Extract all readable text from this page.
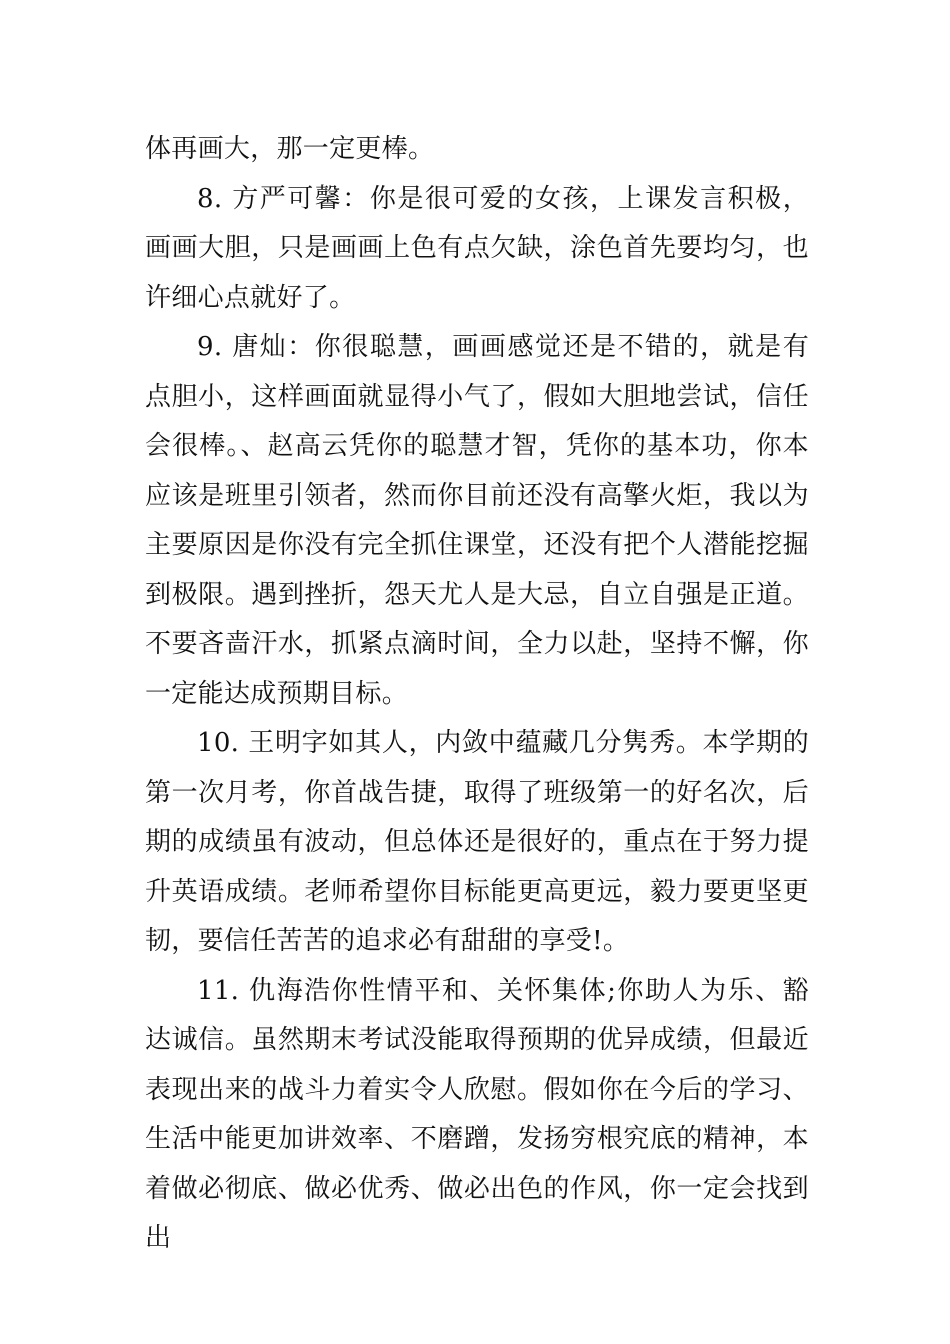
体再画大，那一定更棒。

8. 方严可馨：你是很可爱的女孩，上课发言积极，画画大胆，只是画画上色有点欠缺，涂色首先要均匀，也许细心点就好了。

9. 唐灿：你很聪慧，画画感觉还是不错的，就是有点胆小，这样画面就显得小气了，假如大胆地尝试，信任会很棒。、赵高云凭你的聪慧才智，凭你的基本功，你本应该是班里引领者，然而你目前还没有高擎火炬，我以为主要原因是你没有完全抓住课堂，还没有把个人潜能挖掘到极限。遇到挫折，怨天尤人是大忌，自立自强是正道。不要吝啬汗水，抓紧点滴时间，全力以赴，坚持不懈，你一定能达成预期目标。

10. 王明字如其人，内敛中蕴藏几分隽秀。本学期的第一次月考，你首战告捷，取得了班级第一的好名次，后期的成绩虽有波动，但总体还是很好的，重点在于努力提升英语成绩。老师希望你目标能更高更远，毅力要更坚更韧，要信任苦苦的追求必有甜甜的享受!。

11. 仇海浩你性情平和、关怀集体;你助人为乐、豁达诚信。虽然期末考试没能取得预期的优异成绩，但最近表现出来的战斗力着实令人欣慰。假如你在今后的学习、生活中能更加讲效率、不磨蹭，发扬穷根究底的精神，本着做必彻底、做必优秀、做必出色的作风，你一定会找到出
